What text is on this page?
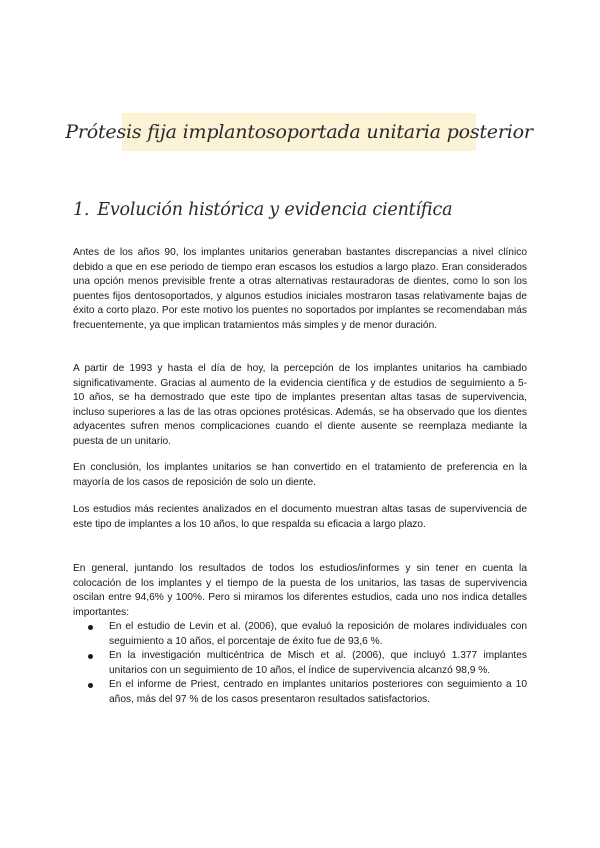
Prótesis fija implantosoportada unitaria posterior
1. Evolución histórica y evidencia científica

Antes de los años 90, los implantes unitarios generaban bastantes discrepancias a nivel clínico debido a que en ese periodo de tiempo eran escasos los estudios a largo plazo. Eran considerados una opción menos previsible frente a otras alternativas restauradoras de dientes, como lo son los puentes fijos dentosoportados, y algunos estudios iniciales mostraron tasas relativamente bajas de éxito a corto plazo. Por este motivo los puentes no soportados por implantes se recomendaban más frecuentemente, ya que implican tratamientos más simples y de menor duración.

A partir de 1993 y hasta el día de hoy, la percepción de los implantes unitarios ha cambiado significativamente. Gracias al aumento de la evidencia científica y de estudios de seguimiento a 5-10 años, se ha demostrado que este tipo de implantes presentan altas tasas de supervivencia, incluso superiores a las de las otras opciones protésicas. Además, se ha observado que los dientes adyacentes sufren menos complicaciones cuando el diente ausente se reemplaza mediante la puesta de un unitario.

En conclusión, los implantes unitarios se han convertido en el tratamiento de preferencia en la mayoría de los casos de reposición de solo un diente.

Los estudios más recientes analizados en el documento muestran altas tasas de supervivencia de este tipo de implantes a los 10 años, lo que respalda su eficacia a largo plazo.

En general, juntando los resultados de todos los estudios/informes y sin tener en cuenta la colocación de los implantes y el tiempo de la puesta de los unitarios, las tasas de supervivencia oscilan entre 94,6% y 100%. Pero si miramos los diferentes estudios, cada uno nos indica detalles importantes:

En el estudio de Levin et al. (2006), que evaluó la reposición de molares individuales con seguimiento a 10 años, el porcentaje de éxito fue de 93,6 %.
En la investigación multicéntrica de Misch et al. (2006), que incluyó 1.377 implantes unitarios con un seguimiento de 10 años, el índice de supervivencia alcanzó 98,9 %.
En el informe de Priest, centrado en implantes unitarios posteriores con seguimiento a 10 años, más del 97 % de los casos presentaron resultados satisfactorios.
